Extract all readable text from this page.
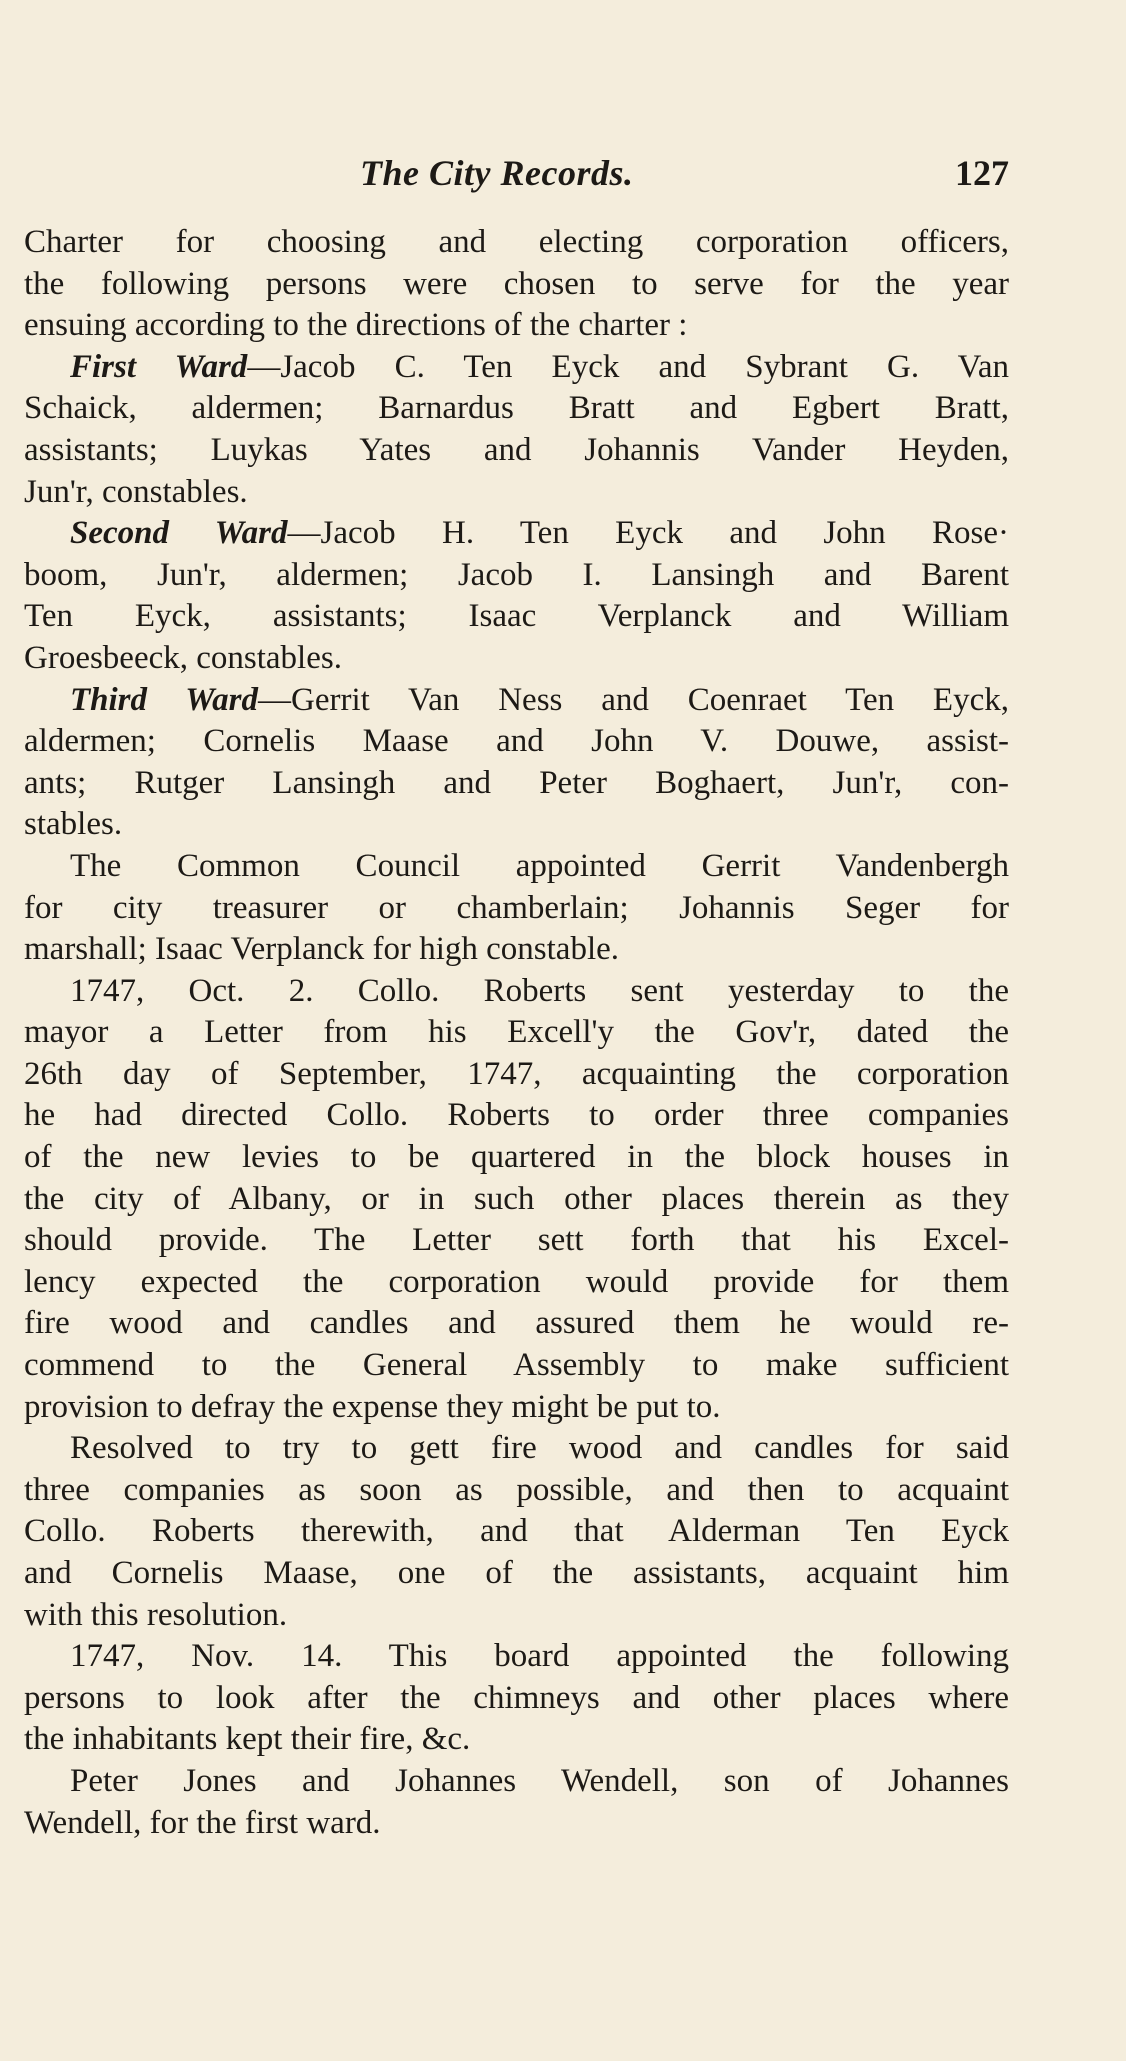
The City Records.	127
Charter for choosing and electing corporation officers,
the following persons were chosen to serve for the year
ensuing according to the directions of the charter :
First Ward—Jacob C. Ten Eyck and Sybrant G. Van
Schaick, aldermen; Barnardus Bratt and Egbert Bratt,
assistants; Luykas Yates and Johannis Vander Heyden,
Jun'r, constables.
Second Ward—Jacob H. Ten Eyck and John Rose·
boom, Jun'r, aldermen; Jacob I. Lansingh and Barent
Ten Eyck, assistants; Isaac Verplanck and William
Groesbeeck, constables.
Third Ward—Gerrit Van Ness and Coenraet Ten Eyck,
aldermen; Cornelis Maase and John V. Douwe, assist-
ants; Rutger Lansingh and Peter Boghaert, Jun'r, con-
stables.
The Common Council appointed Gerrit Vandenbergh
for city treasurer or chamberlain; Johannis Seger for
marshall; Isaac Verplanck for high constable.
1747, Oct. 2. Collo. Roberts sent yesterday to the
mayor a Letter from his Excell'y the Gov'r, dated the
26th day of September, 1747, acquainting the corporation
he had directed Collo. Roberts to order three companies
of the new levies to be quartered in the block houses in
the city of Albany, or in such other places therein as they
should provide. The Letter sett forth that his Excel-
lency expected the corporation would provide for them
fire wood and candles and assured them he would re-
commend to the General Assembly to make sufficient
provision to defray the expense they might be put to.
Resolved to try to gett fire wood and candles for said
three companies as soon as possible, and then to acquaint
Collo. Roberts therewith, and that Alderman Ten Eyck
and Cornelis Maase, one of the assistants, acquaint him
with this resolution.
1747, Nov. 14. This board appointed the following
persons to look after the chimneys and other places where
the inhabitants kept their fire, &c.
Peter Jones and Johannes Wendell, son of Johannes
Wendell, for the first ward.
